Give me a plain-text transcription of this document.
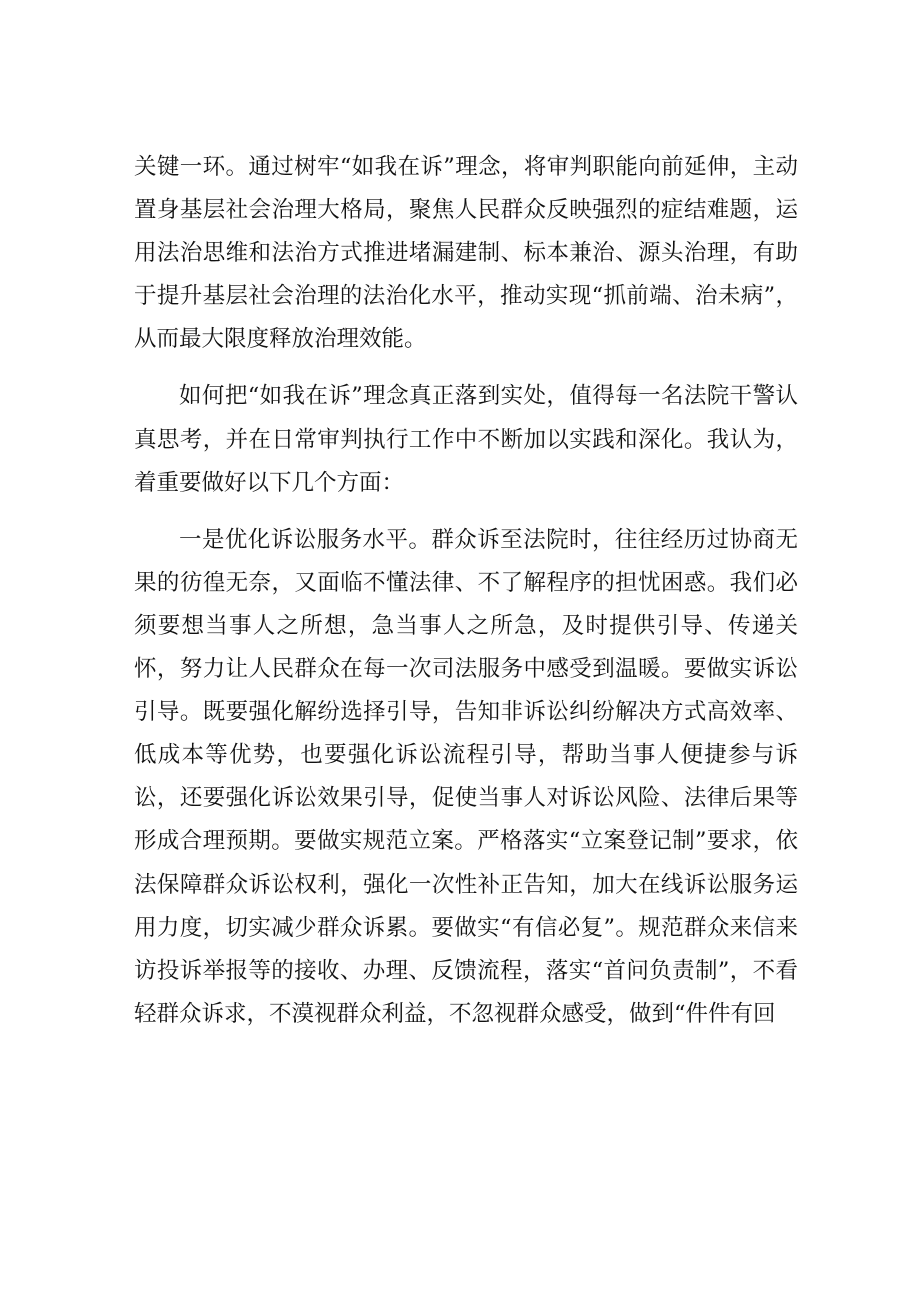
关键一环。通过树牢“如我在诉”理念，将审判职能向前延伸，主动置身基层社会治理大格局，聚焦人民群众反映强烈的症结难题，运用法治思维和法治方式推进堵漏建制、标本兼治、源头治理，有助于提升基层社会治理的法治化水平，推动实现“抓前端、治未病”，从而最大限度释放治理效能。

如何把“如我在诉”理念真正落到实处，值得每一名法院干警认真思考，并在日常审判执行工作中不断加以实践和深化。我认为，着重要做好以下几个方面：

一是优化诉讼服务水平。群众诉至法院时，往往经历过协商无果的彷徨无奈，又面临不懂法律、不了解程序的担忧困惑。我们必须要想当事人之所想，急当事人之所急，及时提供引导、传递关怀，努力让人民群众在每一次司法服务中感受到温暖。要做实诉讼引导。既要强化解纷选择引导，告知非诉讼纠纷解决方式高效率、低成本等优势，也要强化诉讼流程引导，帮助当事人便捷参与诉讼，还要强化诉讼效果引导，促使当事人对诉讼风险、法律后果等形成合理预期。要做实规范立案。严格落实“立案登记制”要求，依法保障群众诉讼权利，强化一次性补正告知，加大在线诉讼服务运用力度，切实减少群众诉累。要做实“有信必复”。规范群众来信来访投诉举报等的接收、办理、反馈流程，落实“首问负责制”，不看轻群众诉求，不漠视群众利益，不忽视群众感受，做到“件件有回
